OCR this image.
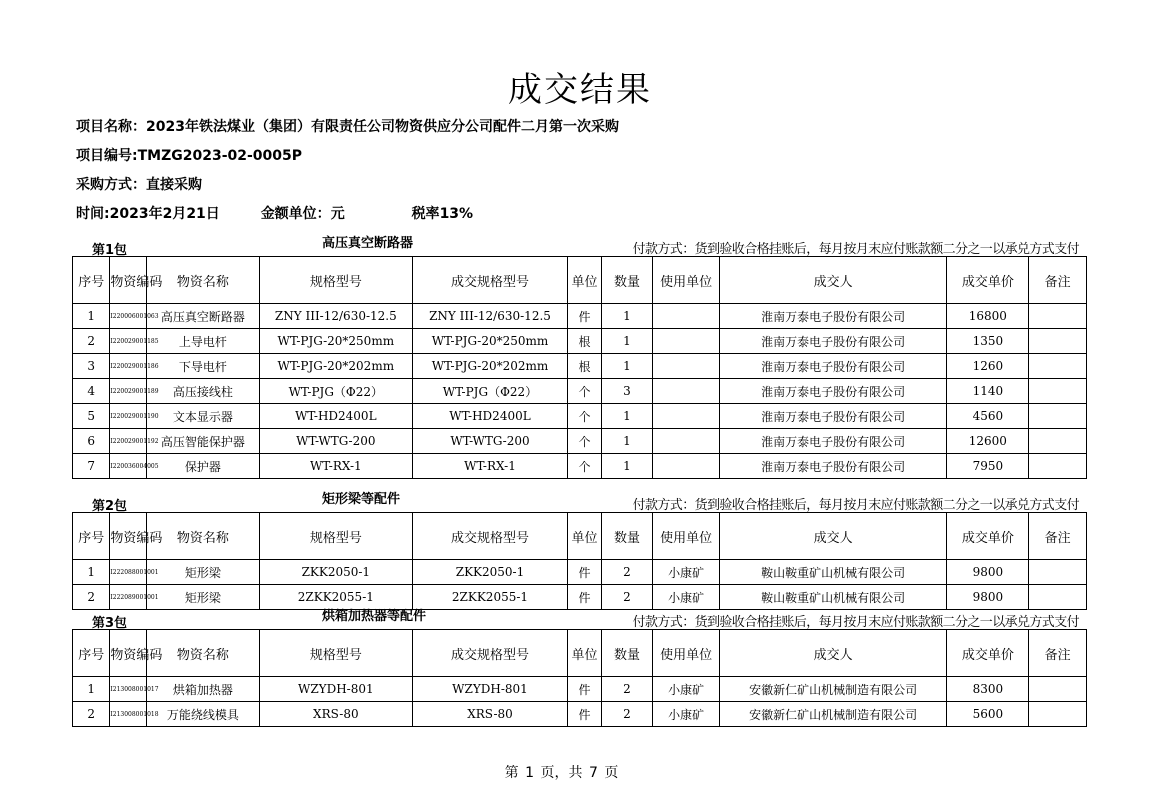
成交结果
项目名称：2023年铁法煤业（集团）有限责任公司物资供应分公司配件二月第一次采购
项目编号:TMZG2023-02-0005P
采购方式：直接采购
时间:2023年2月21日	金额单位：元	税率13%
第1包	高压真空断路器	付款方式：货到验收合格挂账后，每月按月末应付账款额二分之一以承兑方式支付
序号	物资编码	物资名称	规格型号	成交规格型号	单位	数量	使用单位	成交人	成交单价	备注
1	I220006001063	高压真空断路器	ZNY III-12/630-12.5	ZNY III-12/630-12.5	件	1		淮南万泰电子股份有限公司	16800	
2	I220029001185	上导电杆	WT-PJG-20*250mm	WT-PJG-20*250mm	根	1		淮南万泰电子股份有限公司	1350	
3	I220029001186	下导电杆	WT-PJG-20*202mm	WT-PJG-20*202mm	根	1		淮南万泰电子股份有限公司	1260	
4	I220029001189	高压接线柱	WT-PJG（Φ22）	WT-PJG（Φ22）	个	3		淮南万泰电子股份有限公司	1140	
5	I220029001190	文本显示器	WT-HD2400L	WT-HD2400L	个	1		淮南万泰电子股份有限公司	4560	
6	I220029001192	高压智能保护器	WT-WTG-200	WT-WTG-200	个	1		淮南万泰电子股份有限公司	12600	
7	I220036004005	保护器	WT-RX-1	WT-RX-1	个	1		淮南万泰电子股份有限公司	7950	
第2包	矩形梁等配件	付款方式：货到验收合格挂账后，每月按月末应付账款额二分之一以承兑方式支付
序号	物资编码	物资名称	规格型号	成交规格型号	单位	数量	使用单位	成交人	成交单价	备注
1	I222088001001	矩形梁	ZKK2050-1	ZKK2050-1	件	2	小康矿	鞍山鞍重矿山机械有限公司	9800	
2	I222089001001	矩形梁	2ZKK2055-1	2ZKK2055-1	件	2	小康矿	鞍山鞍重矿山机械有限公司	9800	
第3包	烘箱加热器等配件	付款方式：货到验收合格挂账后，每月按月末应付账款额二分之一以承兑方式支付
序号	物资编码	物资名称	规格型号	成交规格型号	单位	数量	使用单位	成交人	成交单价	备注
1	I213008001017	烘箱加热器	WZYDH-801	WZYDH-801	件	2	小康矿	安徽新仁矿山机械制造有限公司	8300	
2	I213008001018	万能绕线模具	XRS-80	XRS-80	件	2	小康矿	安徽新仁矿山机械制造有限公司	5600	
第 1 页，共 7 页
